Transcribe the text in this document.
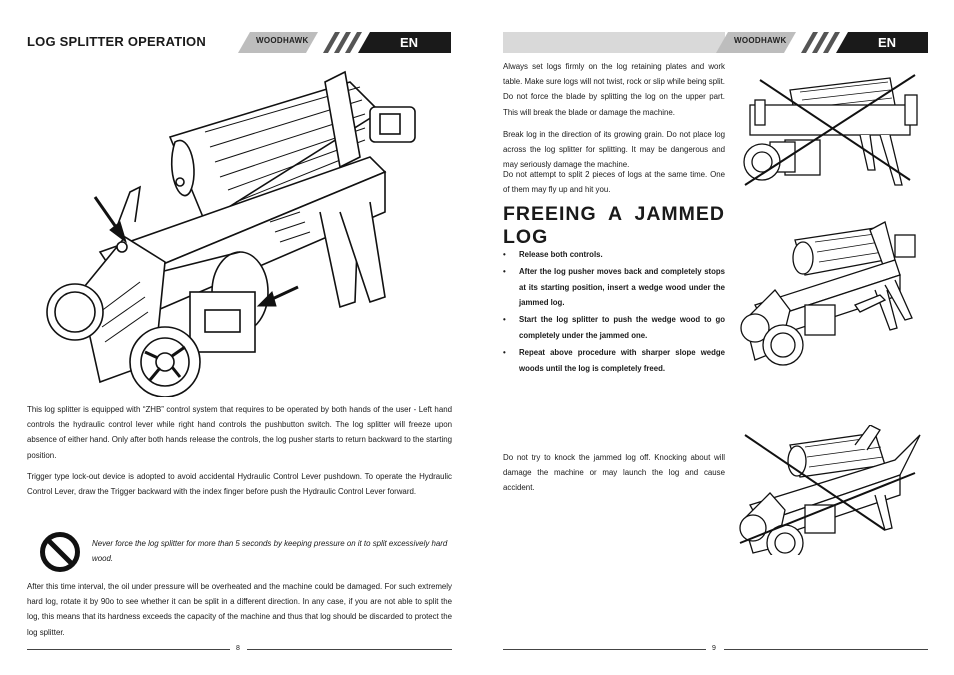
LOG SPLITTER OPERATION	WOODHAWK	EN
This log splitter is equipped with “ZHB” control system that requires to be operated by both hands of the user - Left hand controls the hydraulic control lever while right hand controls the pushbutton switch. The log splitter will freeze upon absence of either hand. Only after both hands release the controls, the log pusher starts to return backward to the starting position.
Trigger type lock-out device is adopted to avoid accidental Hydraulic Control Lever pushdown. To operate the Hydraulic Control Lever, draw the Trigger backward with the index finger before push the Hydraulic Control Lever forward.
Never force the log splitter for more than 5 seconds by keeping pressure on it to split excessively hard wood.
After this time interval, the oil under pressure will be overheated and the machine could be damaged. For such extremely hard log, rotate it by 90o to see whether it can be split in a different direction. In any case, if you are not able to split the log, this means that its hardness exceeds the capacity of the machine and thus that log should be discarded to protect the log splitter.
8
WOODHAWK	EN
Always set logs firmly on the log retaining plates and work table. Make sure logs will not twist, rock or slip while being split. Do not force the blade by splitting the log on the upper part. This will break the blade or damage the machine.
Break log in the direction of its growing grain. Do not place log across the log splitter for splitting. It may be dangerous and may seriously damage the machine.
Do not attempt to split 2 pieces of logs at the same time. One of them may fly up and hit you.
FREEING A JAMMED
LOG
• Release both controls.
• After the log pusher moves back and completely stops at its starting position, insert a wedge wood under the jammed log.
• Start the log splitter to push the wedge wood to go completely under the jammed one.
• Repeat above procedure with sharper slope wedge woods until the log is completely freed.
Do not try to knock the jammed log off. Knocking about will damage the machine or may launch the log and cause accident.
9
